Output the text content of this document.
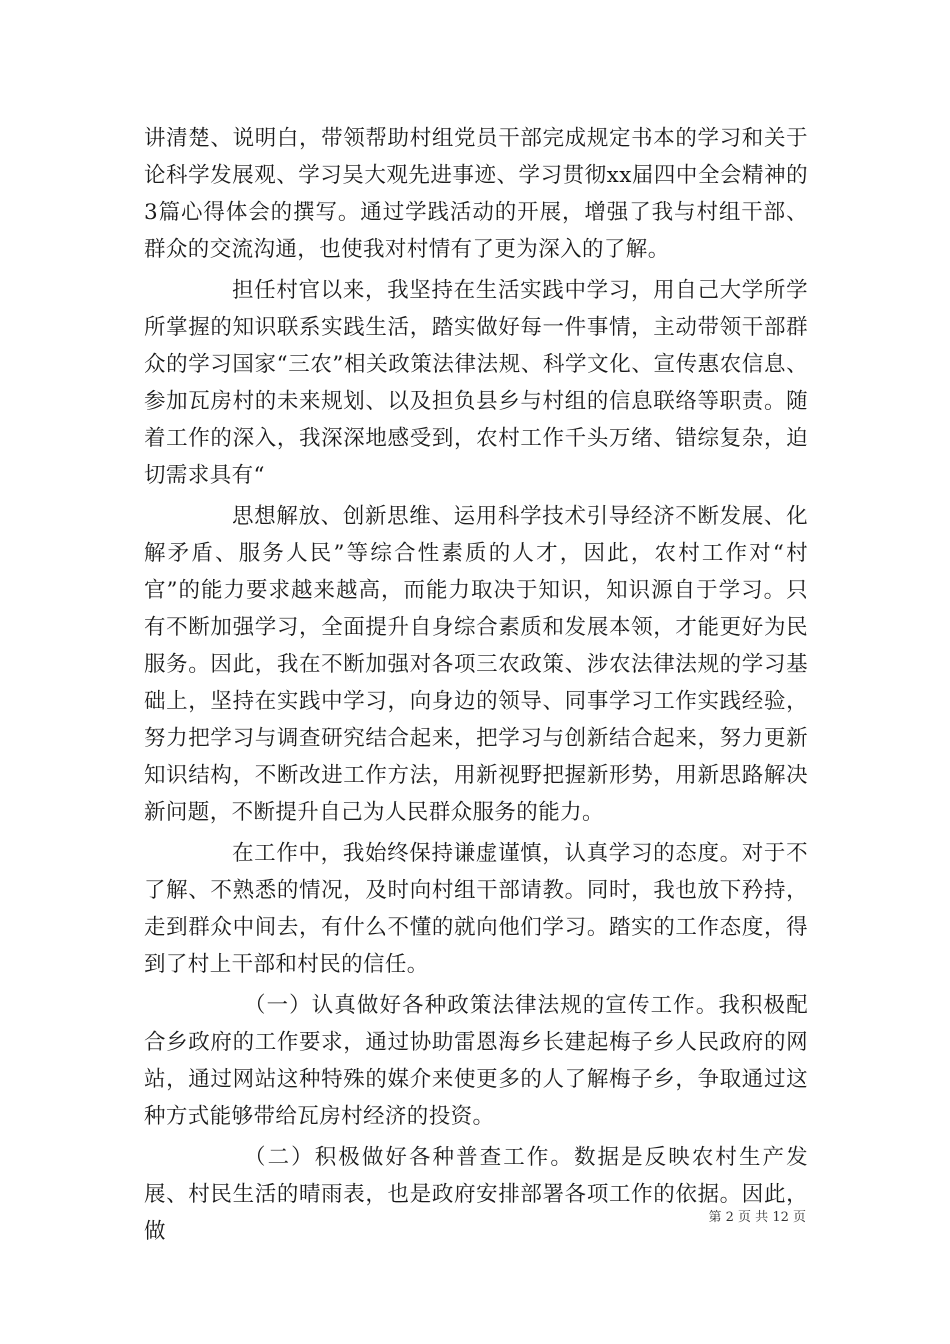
讲清楚、说明白，带领帮助村组党员干部完成规定书本的学习和关于论科学发展观、学习吴大观先进事迹、学习贯彻xx届四中全会精神的3篇心得体会的撰写。通过学践活动的开展，增强了我与村组干部、群众的交流沟通，也使我对村情有了更为深入的了解。

担任村官以来，我坚持在生活实践中学习，用自己大学所学所掌握的知识联系实践生活，踏实做好每一件事情，主动带领干部群众的学习国家“三农”相关政策法律法规、科学文化、宣传惠农信息、参加瓦房村的未来规划、以及担负县乡与村组的信息联络等职责。随着工作的深入，我深深地感受到，农村工作千头万绪、错综复杂，迫切需求具有“

思想解放、创新思维、运用科学技术引导经济不断发展、化解矛盾、服务人民”等综合性素质的人才，因此，农村工作对“村官”的能力要求越来越高，而能力取决于知识，知识源自于学习。只有不断加强学习，全面提升自身综合素质和发展本领，才能更好为民服务。因此，我在不断加强对各项三农政策、涉农法律法规的学习基础上，坚持在实践中学习，向身边的领导、同事学习工作实践经验，努力把学习与调查研究结合起来，把学习与创新结合起来，努力更新知识结构，不断改进工作方法，用新视野把握新形势，用新思路解决新问题，不断提升自己为人民群众服务的能力。

在工作中，我始终保持谦虚谨慎，认真学习的态度。对于不了解、不熟悉的情况，及时向村组干部请教。同时，我也放下矜持，走到群众中间去，有什么不懂的就向他们学习。踏实的工作态度，得到了村上干部和村民的信任。

（一）认真做好各种政策法律法规的宣传工作。我积极配合乡政府的工作要求，通过协助雷恩海乡长建起梅子乡人民政府的网站，通过网站这种特殊的媒介来使更多的人了解梅子乡，争取通过这种方式能够带给瓦房村经济的投资。

（二）积极做好各种普查工作。数据是反映农村生产发展、村民生活的晴雨表，也是政府安排部署各项工作的依据。因此，做

第 2 页 共 12 页
